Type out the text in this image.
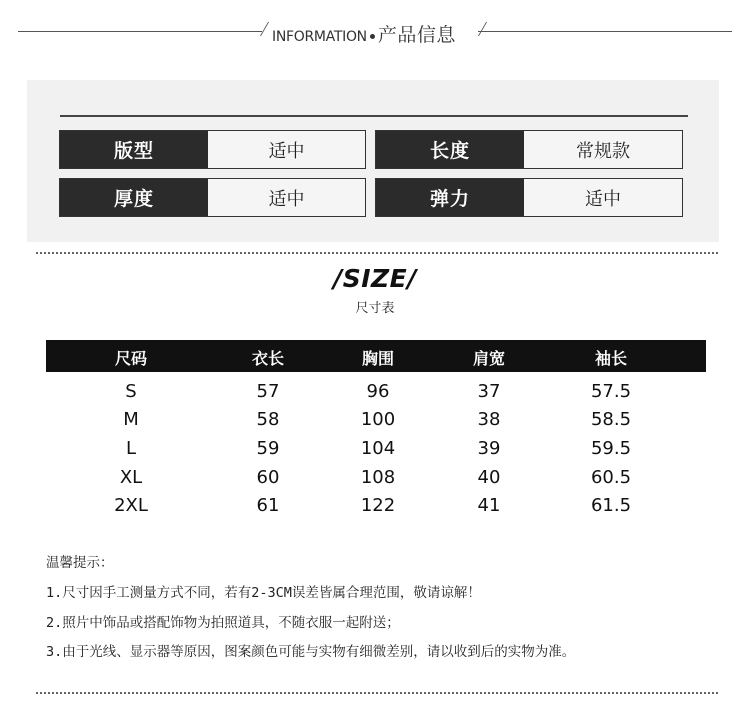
INFORMATION 产品信息
版型	适中	长度	常规款
厚度	适中	弹力	适中
/SIZE/
尺寸表
尺码	衣长	胸围	肩宽	袖长
S	57	96	37	57.5
M	58	100	38	58.5
L	59	104	39	59.5
XL	60	108	40	60.5
2XL	61	122	41	61.5
温馨提示：
1.尺寸因手工测量方式不同，若有2-3CM误差皆属合理范围，敬请谅解！
2.照片中饰品或搭配饰物为拍照道具，不随衣服一起附送；
3.由于光线、显示器等原因，图案颜色可能与实物有细微差别，请以收到后的实物为准。
